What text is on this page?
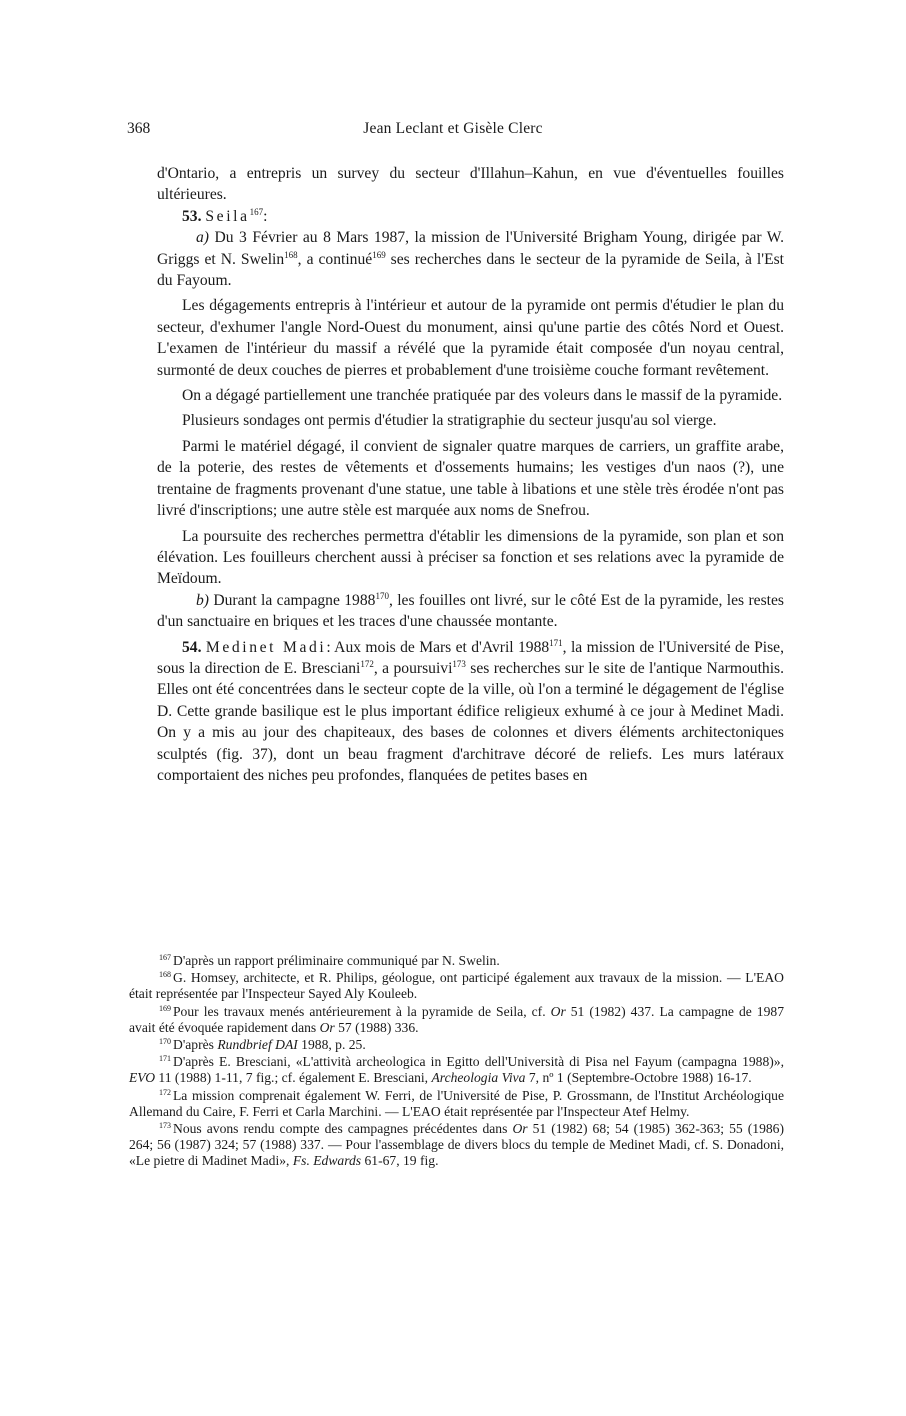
368	Jean Leclant et Gisèle Clerc

d'Ontario, a entrepris un survey du secteur d'Illahun–Kahun, en vue d'éventuelles fouilles ultérieures.

53. Seila$^{167}$:

a) Du 3 Février au 8 Mars 1987, la mission de l'Université Brigham Young, dirigée par W. Griggs et N. Swelin$^{168}$, a continué$^{169}$ ses recherches dans le secteur de la pyramide de Seila, à l'Est du Fayoum.

Les dégagements entrepris à l'intérieur et autour de la pyramide ont permis d'étudier le plan du secteur, d'exhumer l'angle Nord-Ouest du monument, ainsi qu'une partie des côtés Nord et Ouest. L'examen de l'intérieur du massif a révélé que la pyramide était composée d'un noyau central, surmonté de deux couches de pierres et probablement d'une troisième couche formant revêtement.

On a dégagé partiellement une tranchée pratiquée par des voleurs dans le massif de la pyramide.

Plusieurs sondages ont permis d'étudier la stratigraphie du secteur jusqu'au sol vierge.

Parmi le matériel dégagé, il convient de signaler quatre marques de carriers, un graffite arabe, de la poterie, des restes de vêtements et d'ossements humains; les vestiges d'un naos (?), une trentaine de fragments provenant d'une statue, une table à libations et une stèle très érodée n'ont pas livré d'inscriptions; une autre stèle est marquée aux noms de Snefrou.

La poursuite des recherches permettra d'établir les dimensions de la pyramide, son plan et son élévation. Les fouilleurs cherchent aussi à préciser sa fonction et ses relations avec la pyramide de Meïdoum.

b) Durant la campagne 1988$^{170}$, les fouilles ont livré, sur le côté Est de la pyramide, les restes d'un sanctuaire en briques et les traces d'une chaussée montante.

54. Medinet Madi: Aux mois de Mars et d'Avril 1988$^{171}$, la mission de l'Université de Pise, sous la direction de E. Bresciani$^{172}$, a poursuivi$^{173}$ ses recherches sur le site de l'antique Narmouthis. Elles ont été concentrées dans le secteur copte de la ville, où l'on a terminé le dégagement de l'église D. Cette grande basilique est le plus important édifice religieux exhumé à ce jour à Medinet Madi. On y a mis au jour des chapiteaux, des bases de colonnes et divers éléments architectoniques sculptés (fig. 37), dont un beau fragment d'architrave décoré de reliefs. Les murs latéraux comportaient des niches peu profondes, flanquées de petites bases en

$^{167}$ D'après un rapport préliminaire communiqué par N. Swelin.

$^{168}$ G. Homsey, architecte, et R. Philips, géologue, ont participé également aux travaux de la mission. — L'EAO était représentée par l'Inspecteur Sayed Aly Kouleeb.

$^{169}$ Pour les travaux menés antérieurement à la pyramide de Seila, cf. Or 51 (1982) 437. La campagne de 1987 avait été évoquée rapidement dans Or 57 (1988) 336.

$^{170}$ D'après Rundbrief DAI 1988, p. 25.

$^{171}$ D'après E. Bresciani, «L'attività archeologica in Egitto dell'Università di Pisa nel Fayum (campagna 1988)», EVO 11 (1988) 1-11, 7 fig.; cf. également E. Bresciani, Archeologia Viva 7, nº 1 (Septembre-Octobre 1988) 16-17.

$^{172}$ La mission comprenait également W. Ferri, de l'Université de Pise, P. Grossmann, de l'Institut Archéologique Allemand du Caire, F. Ferri et Carla Marchini. — L'EAO était représentée par l'Inspecteur Atef Helmy.

$^{173}$ Nous avons rendu compte des campagnes précédentes dans Or 51 (1982) 68; 54 (1985) 362-363; 55 (1986) 264; 56 (1987) 324; 57 (1988) 337. — Pour l'assemblage de divers blocs du temple de Medinet Madi, cf. S. Donadoni, «Le pietre di Madinet Madi», Fs. Edwards 61-67, 19 fig.
